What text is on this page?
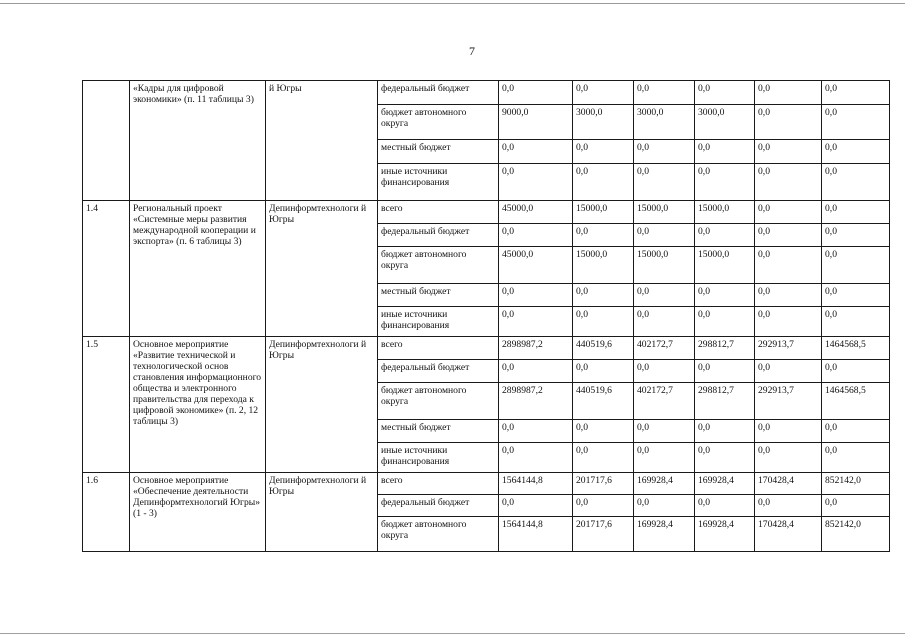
7
	«Кадры для цифровой экономики» (п. 11 таблицы 3)	й Югры	федеральный бюджет	0,0	0,0	0,0	0,0	0,0	0,0
			бюджет автономного округа	9000,0	3000,0	3000,0	3000,0	0,0	0,0
			местный бюджет	0,0	0,0	0,0	0,0	0,0	0,0
			иные источники финансирования	0,0	0,0	0,0	0,0	0,0	0,0
1.4	Региональный проект «Системные меры развития международной кооперации и экспорта» (п. 6 таблицы 3)	Депинформтехнологи й Югры	всего	45000,0	15000,0	15000,0	15000,0	0,0	0,0
			федеральный бюджет	0,0	0,0	0,0	0,0	0,0	0,0
			бюджет автономного округа	45000,0	15000,0	15000,0	15000,0	0,0	0,0
			местный бюджет	0,0	0,0	0,0	0,0	0,0	0,0
			иные источники финансирования	0,0	0,0	0,0	0,0	0,0	0,0
1.5	Основное мероприятие «Развитие технической и технологической основ становления информационного общества и электронного правительства для перехода к цифровой экономике» (п. 2, 12 таблицы 3)	Депинформтехнологи й Югры	всего	2898987,2	440519,6	402172,7	298812,7	292913,7	1464568,5
			федеральный бюджет	0,0	0,0	0,0	0,0	0,0	0,0
			бюджет автономного округа	2898987,2	440519,6	402172,7	298812,7	292913,7	1464568,5
			местный бюджет	0,0	0,0	0,0	0,0	0,0	0,0
			иные источники финансирования	0,0	0,0	0,0	0,0	0,0	0,0
1.6	Основное мероприятие «Обеспечение деятельности Депинформтехнологий Югры» (1 - 3)	Депинформтехнологи й Югры	всего	1564144,8	201717,6	169928,4	169928,4	170428,4	852142,0
			федеральный бюджет	0,0	0,0	0,0	0,0	0,0	0,0
			бюджет автономного округа	1564144,8	201717,6	169928,4	169928,4	170428,4	852142,0
